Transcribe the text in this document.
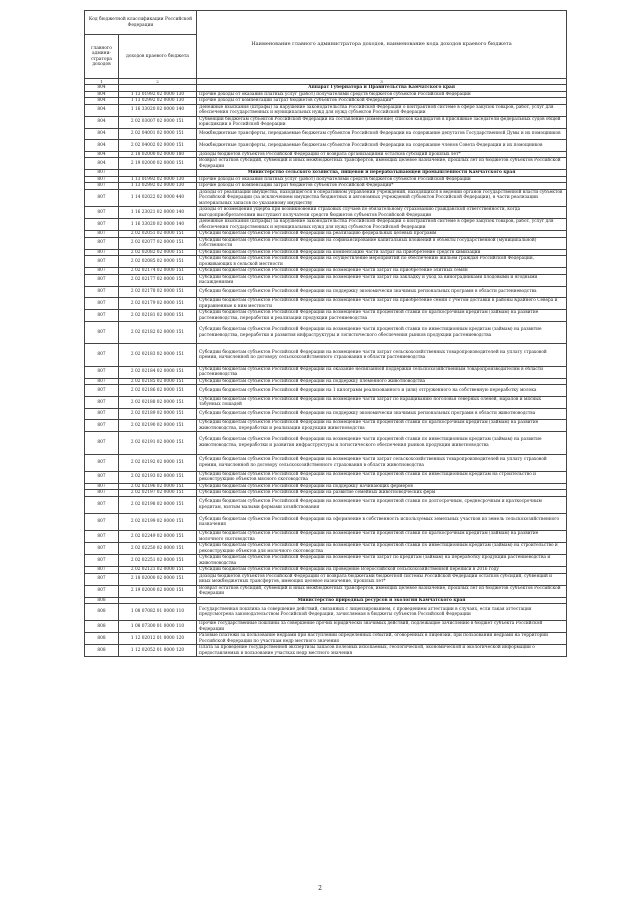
Код бюджетной классификации Российской Федерации		Наименование главного администратора доходов, наименование кода доходов краевого бюджета
главного админи-стратора доходов	доходов краевого бюджета	
1	2	3
804		Аппарат Губернатора и Правительства Камчатского края
804	1 13 01992 02 0000 130	Прочие доходы от оказания платных услуг (работ) получателями средств бюджетов субъектов Российской Федерации
804	1 13 02992 02 0000 130	Прочие доходы от компенсации затрат бюджетов субъектов Российской Федерации*
804	1 16 33020 02 0000 140	Денежные взыскания (штрафы) за нарушение законодательства Российской Федерации о контрактной системе в сфере закупок товаров, работ, услуг для обеспечения государственных и муниципальных нужд для нужд субъектов Российской Федерации
804	2 02 03007 02 0000 151	Субвенции бюджетам субъектов Российской Федерации на составление (изменение) списков кандидатов в присяжные заседатели федеральных судов общей юрисдикции в Российской Федерации
804	2 02 04001 02 0000 151	Межбюджетные трансферты, передаваемые бюджетам субъектов Российской Федерации на содержание депутатов Государственной Думы и их помощников
804	2 02 04002 02 0000 151	Межбюджетные трансферты, передаваемые бюджетам субъектов Российской Федерации на содержание членов Совета Федерации и их помощников
804	2 18 02000 02 0000 180	Доходы бюджетов субъектов Российской Федерации от возврата организациями остатков субсидий прошлых лет*
804	2 19 02000 02 0000 151	Возврат остатков субсидий, субвенций и иных межбюджетных трансфертов, имеющих целевое назначение, прошлых лет из бюджетов субъектов Российской Федерации
807		Министерство сельского хозяйства, пищевой и перерабатывающей промышленности Камчатского края
807	1 13 01992 02 0000 130	Прочие доходы от оказания платных услуг (работ) получателями средств бюджетов субъектов Российской Федерации
807	1 13 02992 02 0000 130	Прочие доходы от компенсации затрат бюджетов субъектов Российской Федерации*
807	1 14 02022 02 0000 440	Доходы от реализации имущества, находящегося в оперативном управлении учреждений, находящихся в ведении органов государственной власти субъектов Российской Федерации (за исключением имущества бюджетных и автономных учреждений субъектов Российской Федерации), в части реализации материальных запасов по указанному имуществу
807	1 16 23021 02 0000 140	Доходы от возмещения ущерба при возникновении страховых случаев по обязательному страхованию гражданской ответственности, когда выгодоприобретателями выступают получатели средств бюджетов субъектов Российской Федерации
807	1 16 33020 02 0000 140	Денежные взыскания (штрафы) за нарушение законодательства Российской Федерации о контрактной системе в сфере закупок товаров, работ, услуг для обеспечения государственных и муниципальных нужд для нужд субъектов Российской Федерации
807	2 02 02051 02 0000 151	Субсидии бюджетам субъектов Российской Федерации на реализацию федеральных целевых программ
807	2 02 02077 02 0000 151	Субсидии бюджетам субъектов Российской Федерации на софинансирование капитальных вложений в объекты государственной (муниципальной) собственности
807	2 02 02082 02 0000 151	Субсидии бюджетам субъектов Российской Федерации на компенсацию части затрат на приобретение средств химизации
807	2 02 02085 02 0000 151	Субсидии бюджетам субъектов Российской Федерации на осуществление мероприятий по обеспечению жильем граждан Российской Федерации, проживающих в сельской местности
807	2 02 02174 02 0000 151	Субсидии бюджетам субъектов Российской Федерации на возмещение части затрат на приобретение элитных семян
807	2 02 02177 02 0000 151	Субсидии бюджетам субъектов Российской Федерации на возмещение части затрат на закладку и уход за виноградниками плодовыми и ягодными насаждениями
807	2 02 02178 02 0000 151	Субсидии бюджетам субъектов Российской Федерации на поддержку экономически значимых региональных программ в области растениеводства
807	2 02 02179 02 0000 151	Субсидии бюджетам субъектов Российской Федерации на возмещение части затрат на приобретение семян с учетом доставки в районы Крайнего Севера и приравненные к ним местности
807	2 02 02181 02 0000 151	Субсидии бюджетам субъектов Российской Федерации на возмещение части процентной ставки по краткосрочным кредитам (займам) на развитие растениеводства, переработки и реализации продукции растениеводства
807	2 02 02182 02 0000 151	Субсидии бюджетам субъектов Российской Федерации на возмещение части процентной ставки по инвестиционным кредитам (займам) на развитие растениеводства, переработки и развития инфраструктуры и логистического обеспечения рынков продукции растениеводства
807	2 02 02183 02 0000 151	Субсидии бюджетам субъектов Российской Федерации на возмещение части затрат сельскохозяйственных товаропроизводителей на уплату страховой премии, начисленной по договору сельскохозяйственного страхования в области растениеводства
807	2 02 02184 02 0000 151	Субсидии бюджетам субъектов Российской Федерации на оказание несвязанной поддержки сельскохозяйственным товаропроизводителям в области растениеводства
807	2 02 02185 02 0000 151	Субсидии бюджетам субъектов Российской Федерации на поддержку племенного животноводства
807	2 02 02186 02 0000 151	Субсидии бюджетам субъектов Российской Федерации на 1 килограмм реализованного и (или) отгруженного на собственную переработку молока
807	2 02 02188 02 0000 151	Субсидии бюджетам субъектов Российской Федерации на возмещение части затрат по наращиванию поголовья северных оленей, маралов и мясных табунных лошадей
807	2 02 02189 02 0000 151	Субсидии бюджетам субъектов Российской Федерации на поддержку экономически значимых региональных программ в области животноводства
807	2 02 02190 02 0000 151	Субсидии бюджетам субъектов Российской Федерации на возмещение части процентной ставки по краткосрочным кредитам (займам) на развитие животноводства, переработки и реализации продукции животноводства
807	2 02 02191 02 0000 151	Субсидии бюджетам субъектов Российской Федерации на возмещение части процентной ставки по инвестиционным кредитам (займам) на развитие животноводства, переработки и развития инфраструктуры и логистического обеспечения рынков продукции животноводства
807	2 02 02192 02 0000 151	Субсидии бюджетам субъектов Российской Федерации на возмещение части затрат сельскохозяйственных товаропроизводителей на уплату страховой премии, начисленной по договору сельскохозяйственного страхования в области животноводства
807	2 02 02193 02 0000 151	Субсидии бюджетам субъектов Российской Федерации на возмещение части процентной ставки по инвестиционным кредитам на строительство и реконструкцию объектов мясного скотоводства
807	2 02 02196 02 0000 151	Субсидии бюджетам субъектов Российской Федерации на поддержку начинающих фермеров
807	2 02 02197 02 0000 151	Субсидии бюджетам субъектов Российской Федерации на развитие семейных животноводческих ферм
807	2 02 02198 02 0000 151	Субсидии бюджетам субъектов Российской Федерации на возмещение части процентной ставки по долгосрочным, среднесрочным и краткосрочным кредитам, взятым малыми формами хозяйствования
807	2 02 02199 02 0000 151	Субсидии бюджетам субъектов Российской Федерации на оформление в собственность используемых земельных участков из земель сельскохозяйственного назначения
807	2 02 02249 02 0000 151	Субсидии бюджетам субъектов Российской Федерации на возмещение части процентной ставки по краткосрочным кредитам (займам) на развитие молочного скотоводства
807	2 02 02250 02 0000 151	Субсидии бюджетам субъектов Российской Федерации на возмещение части процентной ставки по инвестиционным кредитам (займам) на строительство и реконструкцию объектов для молочного скотоводства
807	2 02 02251 02 0000 151	Субсидии бюджетам субъектов Российской Федерации на возмещение части затрат по кредитам (займам) на переработку продукции растениеводства и животноводства
807	2 02 02121 02 0000 151	Субсидии бюджетам субъектов Российской Федерации на проведение Всероссийской сельскохозяйственной переписи в 2016 году
807	2 18 02000 02 0000 151	Доходы бюджетов субъектов Российской Федерации от возврата бюджетами бюджетной системы Российской Федерации остатков субсидий, субвенций и иных межбюджетных трансфертов, имеющих целевое назначение, прошлых лет*
807	2 19 02000 02 0000 151	Возврат остатков субсидий, субвенций и иных межбюджетных трансфертов, имеющих целевое назначение, прошлых лет из бюджетов субъектов Российской Федерации
808		Министерство природных ресурсов и экологии Камчатского края
808	1 08 07082 01 0000 110	Государственная пошлина за совершение действий, связанных с лицензированием, с проведением аттестации в случаях, если такая аттестация предусмотрена законодательством Российской Федерации, зачисляемая в бюджеты субъектов Российской Федерации
808	1 08 07300 01 0000 110	Прочие государственные пошлины за совершение прочих юридически значимых действий, подлежащие зачислению в бюджет субъекта Российской Федерации
808	1 12 02012 01 0000 120	Разовые платежи за пользование недрами при наступлении определенных событий, оговоренных в лицензии, при пользовании недрами на территории Российской Федерации по участкам недр местного значения
808	1 12 02052 01 0000 120	Плата за проведение государственной экспертизы запасов полезных ископаемых, геологической, экономической и экологической информации о предоставляемых в пользование участках недр местного значения
2
